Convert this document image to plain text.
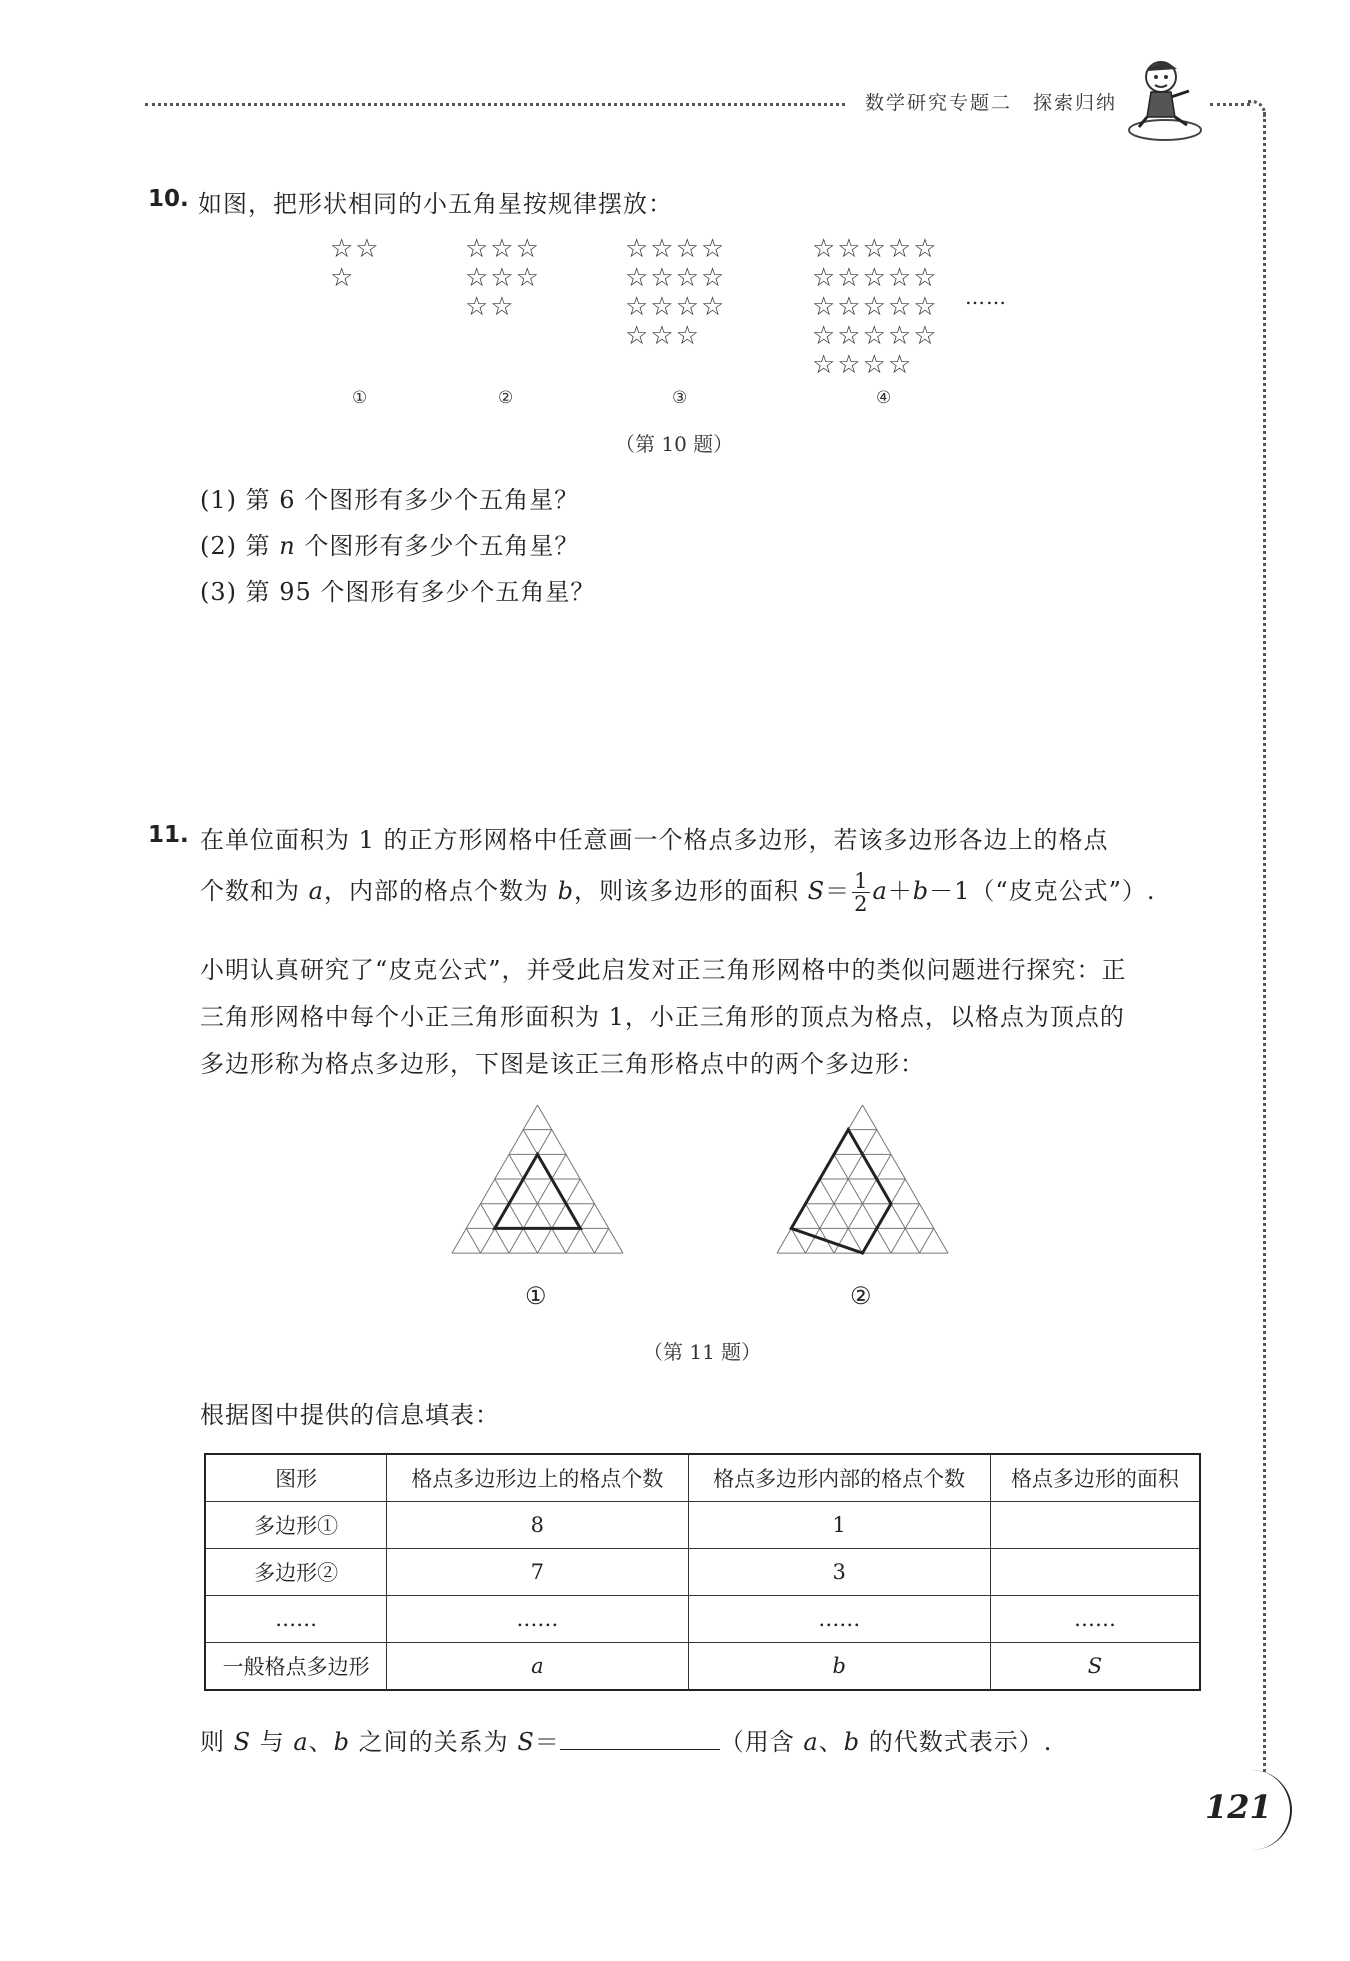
数学研究专题二　探索归纳
10. 如图，把形状相同的小五角星按规律摆放：
☆☆
☆
☆☆☆
☆☆☆
☆☆
☆☆☆☆
☆☆☆☆
☆☆☆☆
☆☆☆
☆☆☆☆☆
☆☆☆☆☆
☆☆☆☆☆
☆☆☆☆☆
☆☆☆☆
……
①	②	③	④
（第 10 题）
(1) 第 6 个图形有多少个五角星？
(2) 第 n 个图形有多少个五角星？
(3) 第 95 个图形有多少个五角星？
11. 在单位面积为 1 的正方形网格中任意画一个格点多边形，若该多边形各边上的格点
个数和为 a，内部的格点个数为 b，则该多边形的面积 $S= \frac{1}{2}$ a＋b－1（“皮克公式”）.
小明认真研究了“皮克公式”，并受此启发对正三角形网格中的类似问题进行探究：正
三角形网格中每个小正三角形面积为 1，小正三角形的顶点为格点，以格点为顶点的
多边形称为格点多边形，下图是该正三角形格点中的两个多边形：
①	②
（第 11 题）
根据图中提供的信息填表：
图形	格点多边形边上的格点个数	格点多边形内部的格点个数	格点多边形的面积
多边形①	8	1	
多边形②	7	3	
……	……	……	……
一般格点多边形	a	b	S
则 S 与 a、b 之间的关系为 S＝	（用含 a、b 的代数式表示）.
121
